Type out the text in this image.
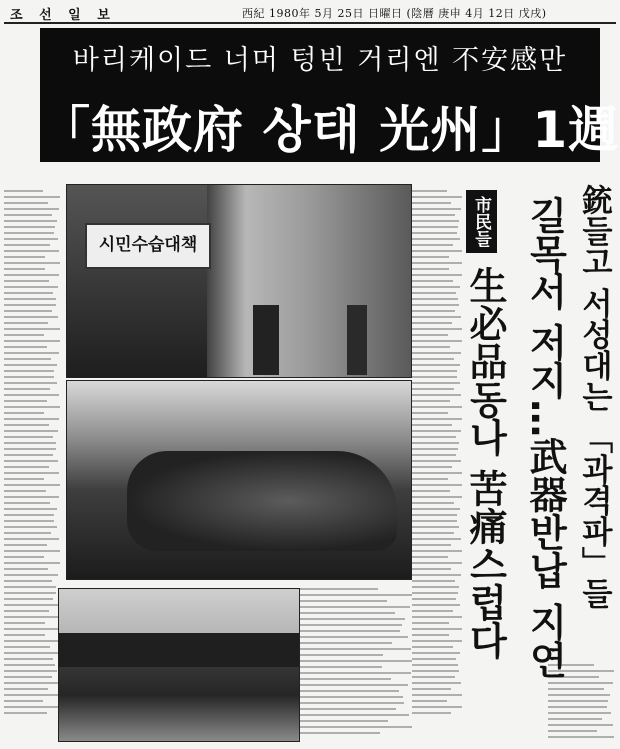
조 선 일 보	西紀 1980年 5月 25日 日曜日 (陰曆 庚申 4月 12日 戊戌)
바리케이드 너머 텅빈 거리엔 不安感만
「無政府 상태 光州」1週
시민수습대책	市民들
生必品동나 苦痛스럽다 길목서 저지…武器반납 지연 銃들고 서성대는 「과격파」들
